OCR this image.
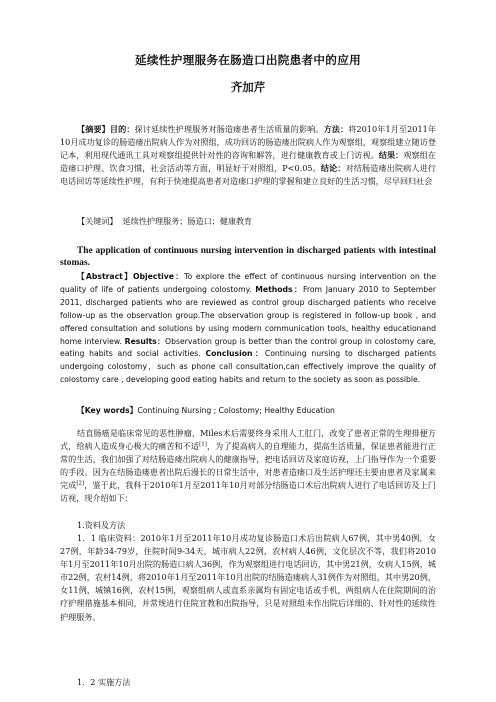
延续性护理服务在肠造口出院患者中的应用
齐加芹
【摘要】目的：探讨延续性护理服务对肠造瘘患者生活质量的影响。方法：将2010年1月至2011年10月成功复诊的肠造瘘出院病人作为对照组，成功回访的肠造瘘出院病人作为观察组，观察组建立随访登记本，利用现代通讯工具对观察组提供针对性的咨询和解答，进行健康教育或上门访视。结果：观察组在造瘘口护理、饮食习惯，社会活动等方面，明显好于对照组，P<0.05。结论：对结肠造瘘出院病人进行电话回访等延续性护理，有利于快速提高患者对造瘘口护理的掌握和建立良好的生活习惯，尽早回归社会
【关键词】 延续性护理服务；肠造口；健康教育
The application of continuous nursing intervention in discharged patients with intestinal stomas.
【Abstract】Objective：To explore the effect of continuous nursing intervention on the quality of life of patients undergoing colostomy. Methods：From January 2010 to September 2011, discharged patients who are reviewed as control group discharged patients who receive follow-up as the observation group.The observation group is registered in follow-up book , and offered consultation and solutions by using modern communication tools, healthy educationand home interview. Results：Observation group is better than the control group in colostomy care, eating habits and social activities. Conclusion：Continuing nursing to discharged patients undergoing colostomy，such as phone call consultation,can effectively improve the quality of colostomy care , developing good eating habits and return to the society as soon as possible.
【Key words】Continuing Nursing ; Colostomy; Healthy Education
结直肠癌是临床常见的恶性肿瘤，Miles术后需要终身采用人工肛门，改变了患者正常的生理排便方式，给病人造成身心极大的痛苦和不适[1]，为了提高病人的自理能力，提高生活质量，保证患者能进行正常的生活，我们加强了对结肠造瘘出院病人的健康指导，把电话回访及家庭访视，上门指导作为一个重要的手段。因为在结肠造瘘患者出院后漫长的日常生活中，对患者造瘘口及生活护理还主要由患者及家属来完成[2]，鉴于此，我科于2010年1月至2011年10月对部分结肠造口术后出院病人进行了电话回访及上门访视，现介绍如下：
1.资料及方法
1．1 临床资料：2010年1月至2011年10月成功复诊肠造口术后出院病人67例，其中男40例，女27例，年龄34-79岁，住院时间9-34天，城市病人22例，农村病人46例，文化层次不等，我们将2010年1月至2011年10月出院的肠造口病人36例，作为观察组进行电话回访，其中男21例，女病人15例，城市22例，农村14例，将2010年1月至2011年10月出院的结肠造瘘病人31例作为对照组，其中男20例，女11例，城镇16例，农村15例，观察组病人或直系亲属均有固定电话或手机，两组病人在住院期间的治疗护理措施基本相同，并常规进行住院宣教和出院指导，只是对照组未作出院后详细的、针对性的延续性护理服务。
1．2 实施方法
